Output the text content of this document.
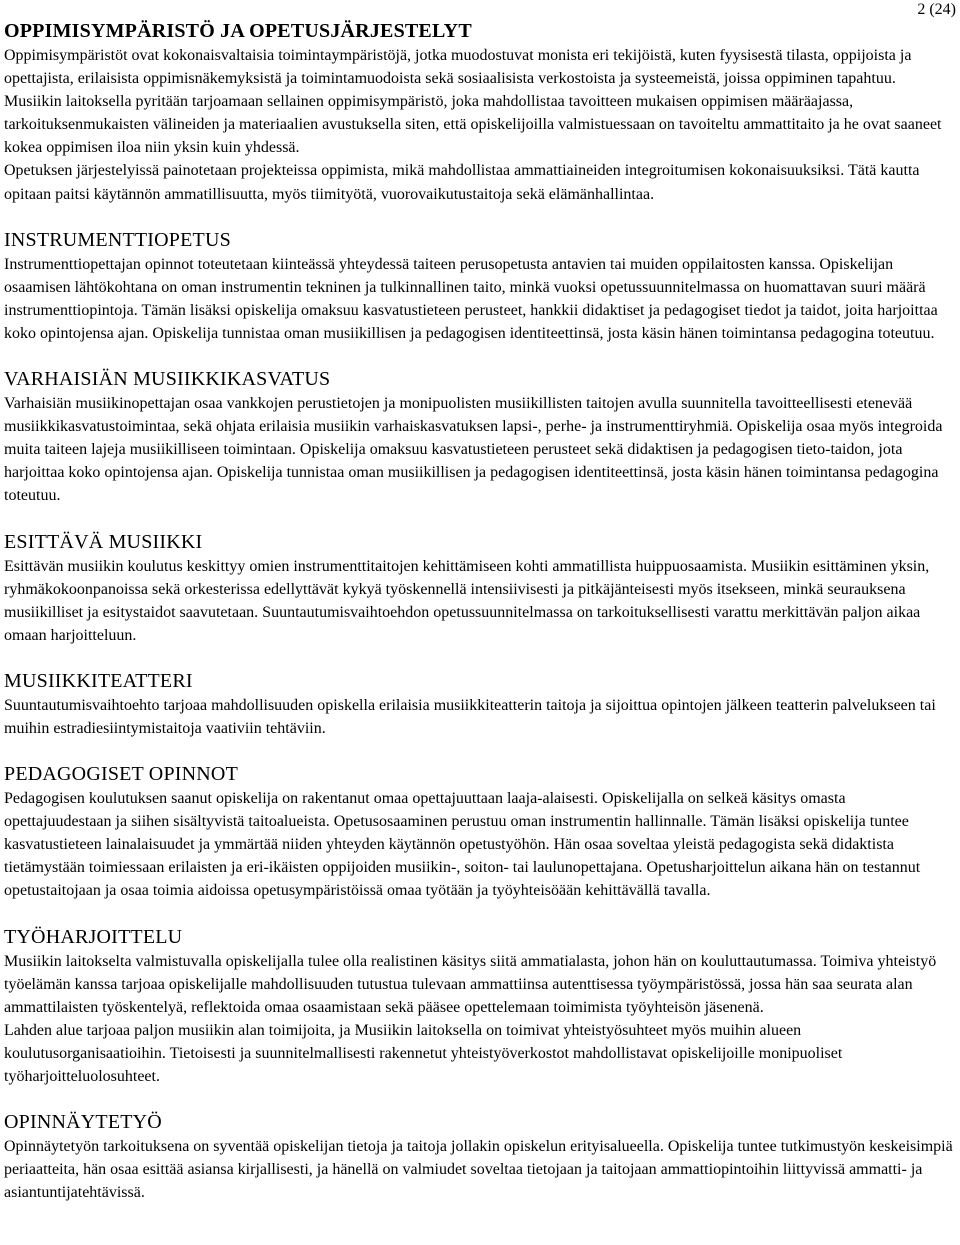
2 (24)
OPPIMISYMPÄRISTÖ JA OPETUSJÄRJESTELYT

Oppimisympäristöt ovat kokonaisvaltaisia toimintaympäristöjä, jotka muodostuvat monista eri tekijöistä, kuten fyysisestä tilasta, oppijoista ja opettajista, erilaisista oppimisnäkemyksistä ja toimintamuodoista sekä sosiaalisista verkostoista ja systeemeistä, joissa oppiminen tapahtuu. Musiikin laitoksella pyritään tarjoamaan sellainen oppimisympäristö, joka mahdollistaa tavoitteen mukaisen oppimisen määräajassa, tarkoituksenmukaisten välineiden ja materiaalien avustuksella siten, että opiskelijoilla valmistuessaan on tavoiteltu ammattitaito ja he ovat saaneet kokea oppimisen iloa niin yksin kuin yhdessä.

Opetuksen järjestelyissä painotetaan projekteissa oppimista, mikä mahdollistaa ammattiaineiden integroitumisen kokonaisuuksiksi. Tätä kautta opitaan paitsi käytännön ammatillisuutta, myös tiimityötä, vuorovaikutustaitoja sekä elämänhallintaa.

INSTRUMENTTIOPETUS

Instrumenttiopettajan opinnot toteutetaan kiinteässä yhteydessä taiteen perusopetusta antavien tai muiden oppilaitosten kanssa. Opiskelijan osaamisen lähtökohtana on oman instrumentin tekninen ja tulkinnallinen taito, minkä vuoksi opetussuunnitelmassa on huomattavan suuri määrä instrumenttiopintoja. Tämän lisäksi opiskelija omaksuu kasvatustieteen perusteet, hankkii didaktiset ja pedagogiset tiedot ja taidot, joita harjoittaa koko opintojensa ajan. Opiskelija tunnistaa oman musiikillisen ja pedagogisen identiteettinsä, josta käsin hänen toimintansa pedagogina toteutuu.

VARHAISIÄN MUSIIKKIKASVATUS

Varhaisiän musiikinopettajan osaa vankkojen perustietojen ja monipuolisten musiikillisten taitojen avulla suunnitella tavoitteellisesti etenevää musiikkikasvatustoimintaa, sekä ohjata erilaisia musiikin varhaiskasvatuksen lapsi-, perhe- ja instrumenttiryhmiä. Opiskelija osaa myös integroida muita taiteen lajeja musiikilliseen toimintaan. Opiskelija omaksuu kasvatustieteen perusteet sekä didaktisen ja pedagogisen tieto-taidon, jota harjoittaa koko opintojensa ajan. Opiskelija tunnistaa oman musiikillisen ja pedagogisen identiteettinsä, josta käsin hänen toimintansa pedagogina toteutuu.

ESITTÄVÄ MUSIIKKI

Esittävän musiikin koulutus keskittyy omien instrumenttitaitojen kehittämiseen kohti ammatillista huippuosaamista. Musiikin esittäminen yksin, ryhmäkokoonpanoissa sekä orkesterissa edellyttävät kykyä työskennellä intensiivisesti ja pitkäjänteisesti myös itsekseen, minkä seurauksena musiikilliset ja esitystaidot saavutetaan. Suuntautumisvaihtoehdon opetussuunnitelmassa on tarkoituksellisesti varattu merkittävän paljon aikaa omaan harjoitteluun.

MUSIIKKITEATTERI

Suuntautumisvaihtoehto tarjoaa mahdollisuuden opiskella erilaisia musiikkiteatterin taitoja ja sijoittua opintojen jälkeen teatterin palvelukseen tai muihin estradiesiintymistaitoja vaativiin tehtäviin.

PEDAGOGISET OPINNOT

Pedagogisen koulutuksen saanut opiskelija on rakentanut omaa opettajuuttaan laaja-alaisesti. Opiskelijalla on selkeä käsitys omasta opettajuudestaan ja siihen sisältyvistä taitoalueista. Opetusosaaminen perustuu oman instrumentin hallinnalle. Tämän lisäksi opiskelija tuntee kasvatustieteen lainalaisuudet ja ymmärtää niiden yhteyden käytännön opetustyöhön. Hän osaa soveltaa yleistä pedagogista sekä didaktista tietämystään toimiessaan erilaisten ja eri-ikäisten oppijoiden musiikin-, soiton- tai laulunopettajana. Opetusharjoittelun aikana hän on testannut opetustaitojaan ja osaa toimia aidoissa opetusympäristöissä omaa työtään ja työyhteisöään kehittävällä tavalla.

TYÖHARJOITTELU

Musiikin laitokselta valmistuvalla opiskelijalla tulee olla realistinen käsitys siitä ammatialasta, johon hän on kouluttautumassa. Toimiva yhteistyö työelämän kanssa tarjoaa opiskelijalle mahdollisuuden tutustua tulevaan ammattiinsa autenttisessa työympäristössä, jossa hän saa seurata alan ammattilaisten työskentelyä, reflektoida omaa osaamistaan sekä pääsee opettelemaan toimimista työyhteisön jäsenenä.

Lahden alue tarjoaa paljon musiikin alan toimijoita, ja Musiikin laitoksella on toimivat yhteistyösuhteet myös muihin alueen koulutusorganisaatioihin. Tietoisesti ja suunnitelmallisesti rakennetut yhteistyöverkostot mahdollistavat opiskelijoille monipuoliset työharjoitteluolosuhteet.

OPINNÄYTETYÖ

Opinnäytetyön tarkoituksena on syventää opiskelijan tietoja ja taitoja jollakin opiskelun erityisalueella. Opiskelija tuntee tutkimustyön keskeisimpiä periaatteita, hän osaa esittää asiansa kirjallisesti, ja hänellä on valmiudet soveltaa tietojaan ja taitojaan ammattiopintoihin liittyvissä ammatti- ja asiantuntijatehtävissä.
